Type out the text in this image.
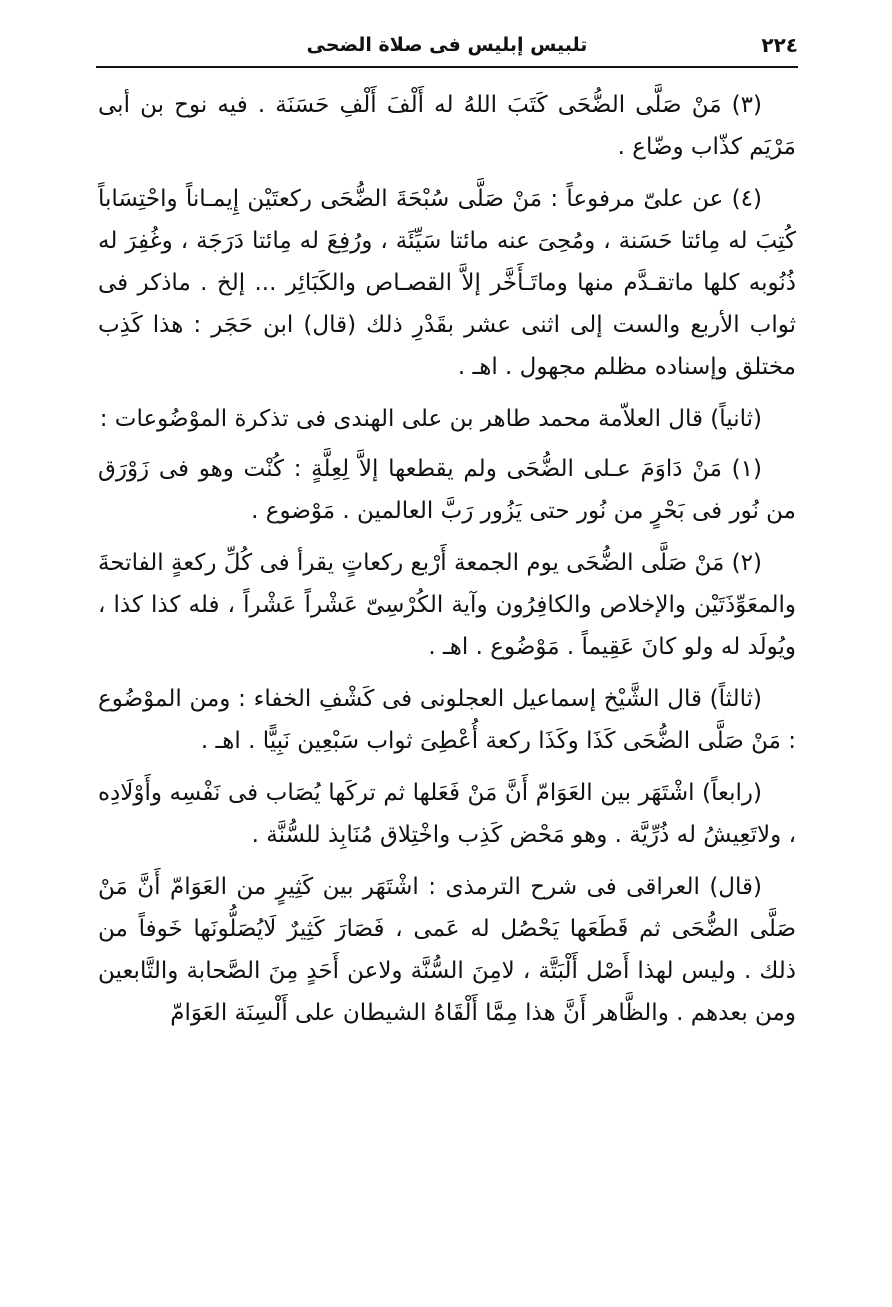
٢٢٤
تلبيس إبليس فى صلاة الضحى

(٣) مَنْ صَلَّى الضُّحَى كَتَبَ اللهُ له أَلْفَ أَلْفِ حَسَنَة . فيه نوح بن أبى مَرْيَم كذّاب وضّاع .

(٤) عن علىّ مرفوعاً : مَنْ صَلَّى سُبْحَةَ الضُّحَى ركعتَيْن إِيمـاناً واحْتِسَاباً كُتِبَ له مِائتا حَسَنة ، ومُحِىَ عنه مائتا سَيِّئَة ، ورُفِعَ له مِائتا دَرَجَة ، وغُفِرَ له ذُنُوبه كلها ماتقـدَّم منها وماتَـأَخَّر إلاَّ القصـاص والكَبَائِر ... إلخ . ماذكر فى ثواب الأربع والست إلى اثنى عشر بقَدْرِ ذلك (قال) ابن حَجَر : هذا كَذِب مختلق وإسناده مظلم مجهول . اهـ .

(ثانياً) قال العلاّمة محمد طاهر بن على الهندى فى تذكرة الموْضُوعات :

(١) مَنْ دَاوَمَ عـلى الضُّحَى ولم يقطعها إلاَّ لِعِلَّةٍ : كُنْت وهو فى زَوْرَق من نُور فى بَحْرٍ من نُور حتى يَزُور رَبَّ العالمين . مَوْضوع .

(٢) مَنْ صَلَّى الضُّحَى يوم الجمعة أَرْبع ركعاتٍ يقرأ فى كُلِّ ركعةٍ الفاتحةَ والمعَوِّذَتَيْن والإخلاص والكافِرُون وآية الكُرْسِىّ عَشْراً عَشْراً ، فله كذا كذا ، ويُولَد له ولو كانَ عَقِيماً . مَوْضُوع . اهـ .

(ثالثاً) قال الشَّيْخ إسماعيل العجلونى فى كَشْفِ الخفاء : ومن الموْضُوع : مَنْ صَلَّى الضُّحَى كَذَا وكَذَا ركعة أُعْطِىَ ثواب سَبْعِين نَبِيًّا . اهـ .

(رابعاً) اشْتَهَر بين العَوَامّ أَنَّ مَنْ فَعَلها ثم تركَها يُصَاب فى نَفْسِه وأَوْلَادِه ، ولاتَعِيشُ له ذُرِّيَّة . وهو مَحْض كَذِب واخْتِلاق مُنَابِذ للسُّنَّة .

(قال) العراقى فى شرح الترمذى : اشْتَهَر بين كَثِيرٍ من العَوَامّ أَنَّ مَنْ صَلَّى الضُّحَى ثم قَطَعَها يَحْصُل له عَمى ، فَصَارَ كَثِيرٌ لَايُصَلُّونَها خَوفاً من ذلك . وليس لهذا أَصْل أَلْبَتَّة ، لامِنَ السُّنَّة ولاعن أَحَدٍ مِنَ الصَّحابة والتَّابعين ومن بعدهم . والظَّاهر أَنَّ هذا مِمَّا أَلْقَاهُ الشيطان على أَلْسِنَة العَوَامّ
